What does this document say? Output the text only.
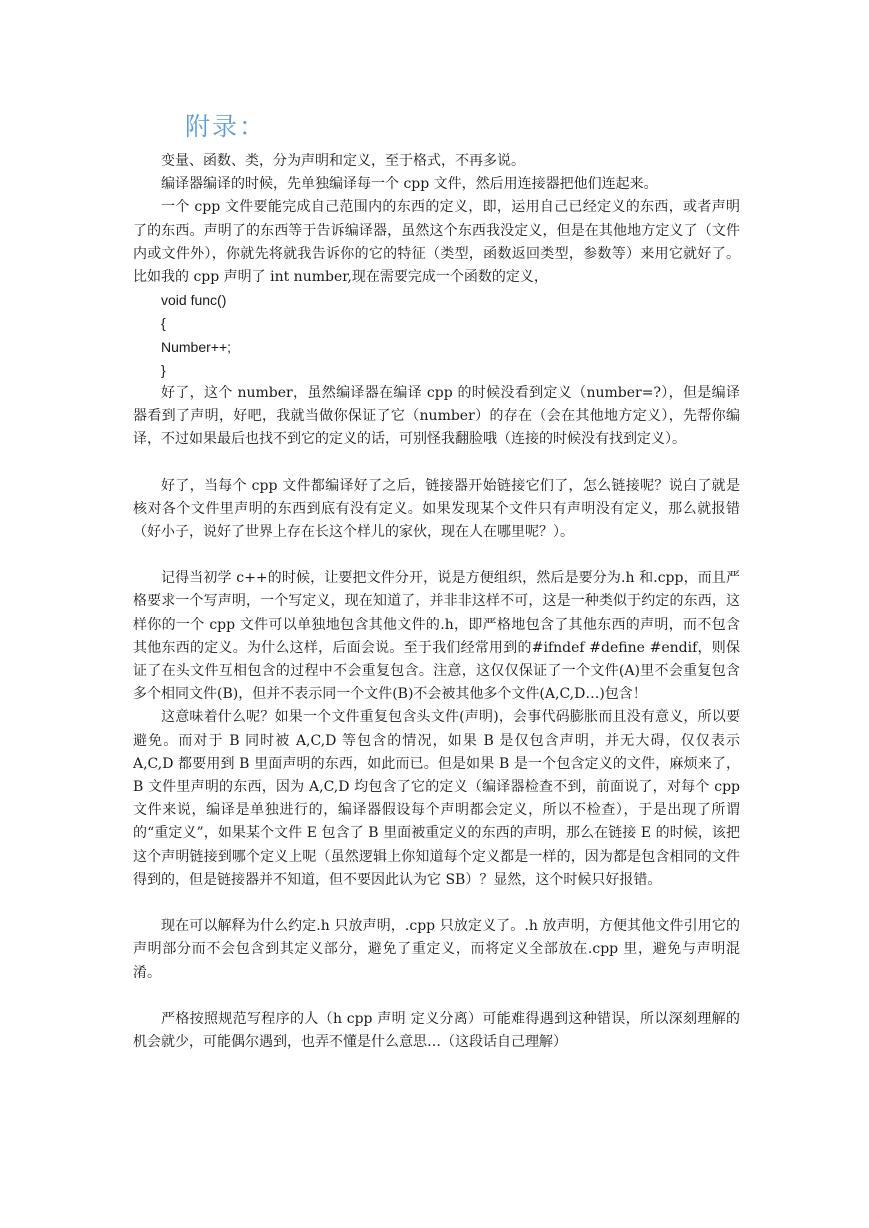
附录：

变量、函数、类，分为声明和定义，至于格式，不再多说。

编译器编译的时候，先单独编译每一个 cpp 文件，然后用连接器把他们连起来。

一个 cpp 文件要能完成自己范围内的东西的定义，即，运用自己已经定义的东西，或者声明了的东西。声明了的东西等于告诉编译器，虽然这个东西我没定义，但是在其他地方定义了（文件内或文件外），你就先将就我告诉你的它的特征（类型，函数返回类型，参数等）来用它就好了。比如我的 cpp 声明了 int number,现在需要完成一个函数的定义，

void func()
{
Number++;
}

好了，这个 number，虽然编译器在编译 cpp 的时候没看到定义（number=?），但是编译器看到了声明，好吧，我就当做你保证了它（number）的存在（会在其他地方定义），先帮你编译，不过如果最后也找不到它的定义的话，可别怪我翻脸哦（连接的时候没有找到定义）。

好了，当每个 cpp 文件都编译好了之后，链接器开始链接它们了，怎么链接呢？说白了就是核对各个文件里声明的东西到底有没有定义。如果发现某个文件只有声明没有定义，那么就报错（好小子，说好了世界上存在长这个样儿的家伙，现在人在哪里呢？）。

记得当初学 c++的时候，让要把文件分开，说是方便组织，然后是要分为.h 和.cpp，而且严格要求一个写声明，一个写定义，现在知道了，并非非这样不可，这是一种类似于约定的东西，这样你的一个 cpp 文件可以单独地包含其他文件的.h，即严格地包含了其他东西的声明，而不包含其他东西的定义。为什么这样，后面会说。至于我们经常用到的#ifndef #define #endif，则保证了在头文件互相包含的过程中不会重复包含。注意，这仅仅保证了一个文件(A)里不会重复包含多个相同文件(B)，但并不表示同一个文件(B)不会被其他多个文件(A,C,D…)包含！

这意味着什么呢？如果一个文件重复包含头文件(声明)，会事代码膨胀而且没有意义，所以要避免。而对于 B 同时被 A,C,D 等包含的情况，如果 B 是仅包含声明，并无大碍，仅仅表示 A,C,D 都要用到 B 里面声明的东西，如此而已。但是如果 B 是一个包含定义的文件，麻烦来了，B 文件里声明的东西，因为 A,C,D 均包含了它的定义（编译器检查不到，前面说了，对每个 cpp 文件来说，编译是单独进行的，编译器假设每个声明都会定义，所以不检查），于是出现了所谓的“重定义”，如果某个文件 E 包含了 B 里面被重定义的东西的声明，那么在链接 E 的时候，该把这个声明链接到哪个定义上呢（虽然逻辑上你知道每个定义都是一样的，因为都是包含相同的文件得到的，但是链接器并不知道，但不要因此认为它 SB）？显然，这个时候只好报错。

现在可以解释为什么约定.h 只放声明，.cpp 只放定义了。.h 放声明，方便其他文件引用它的声明部分而不会包含到其定义部分，避免了重定义，而将定义全部放在.cpp 里，避免与声明混淆。

严格按照规范写程序的人（h cpp 声明 定义分离）可能难得遇到这种错误，所以深刻理解的机会就少，可能偶尔遇到，也弄不懂是什么意思…（这段话自己理解）
